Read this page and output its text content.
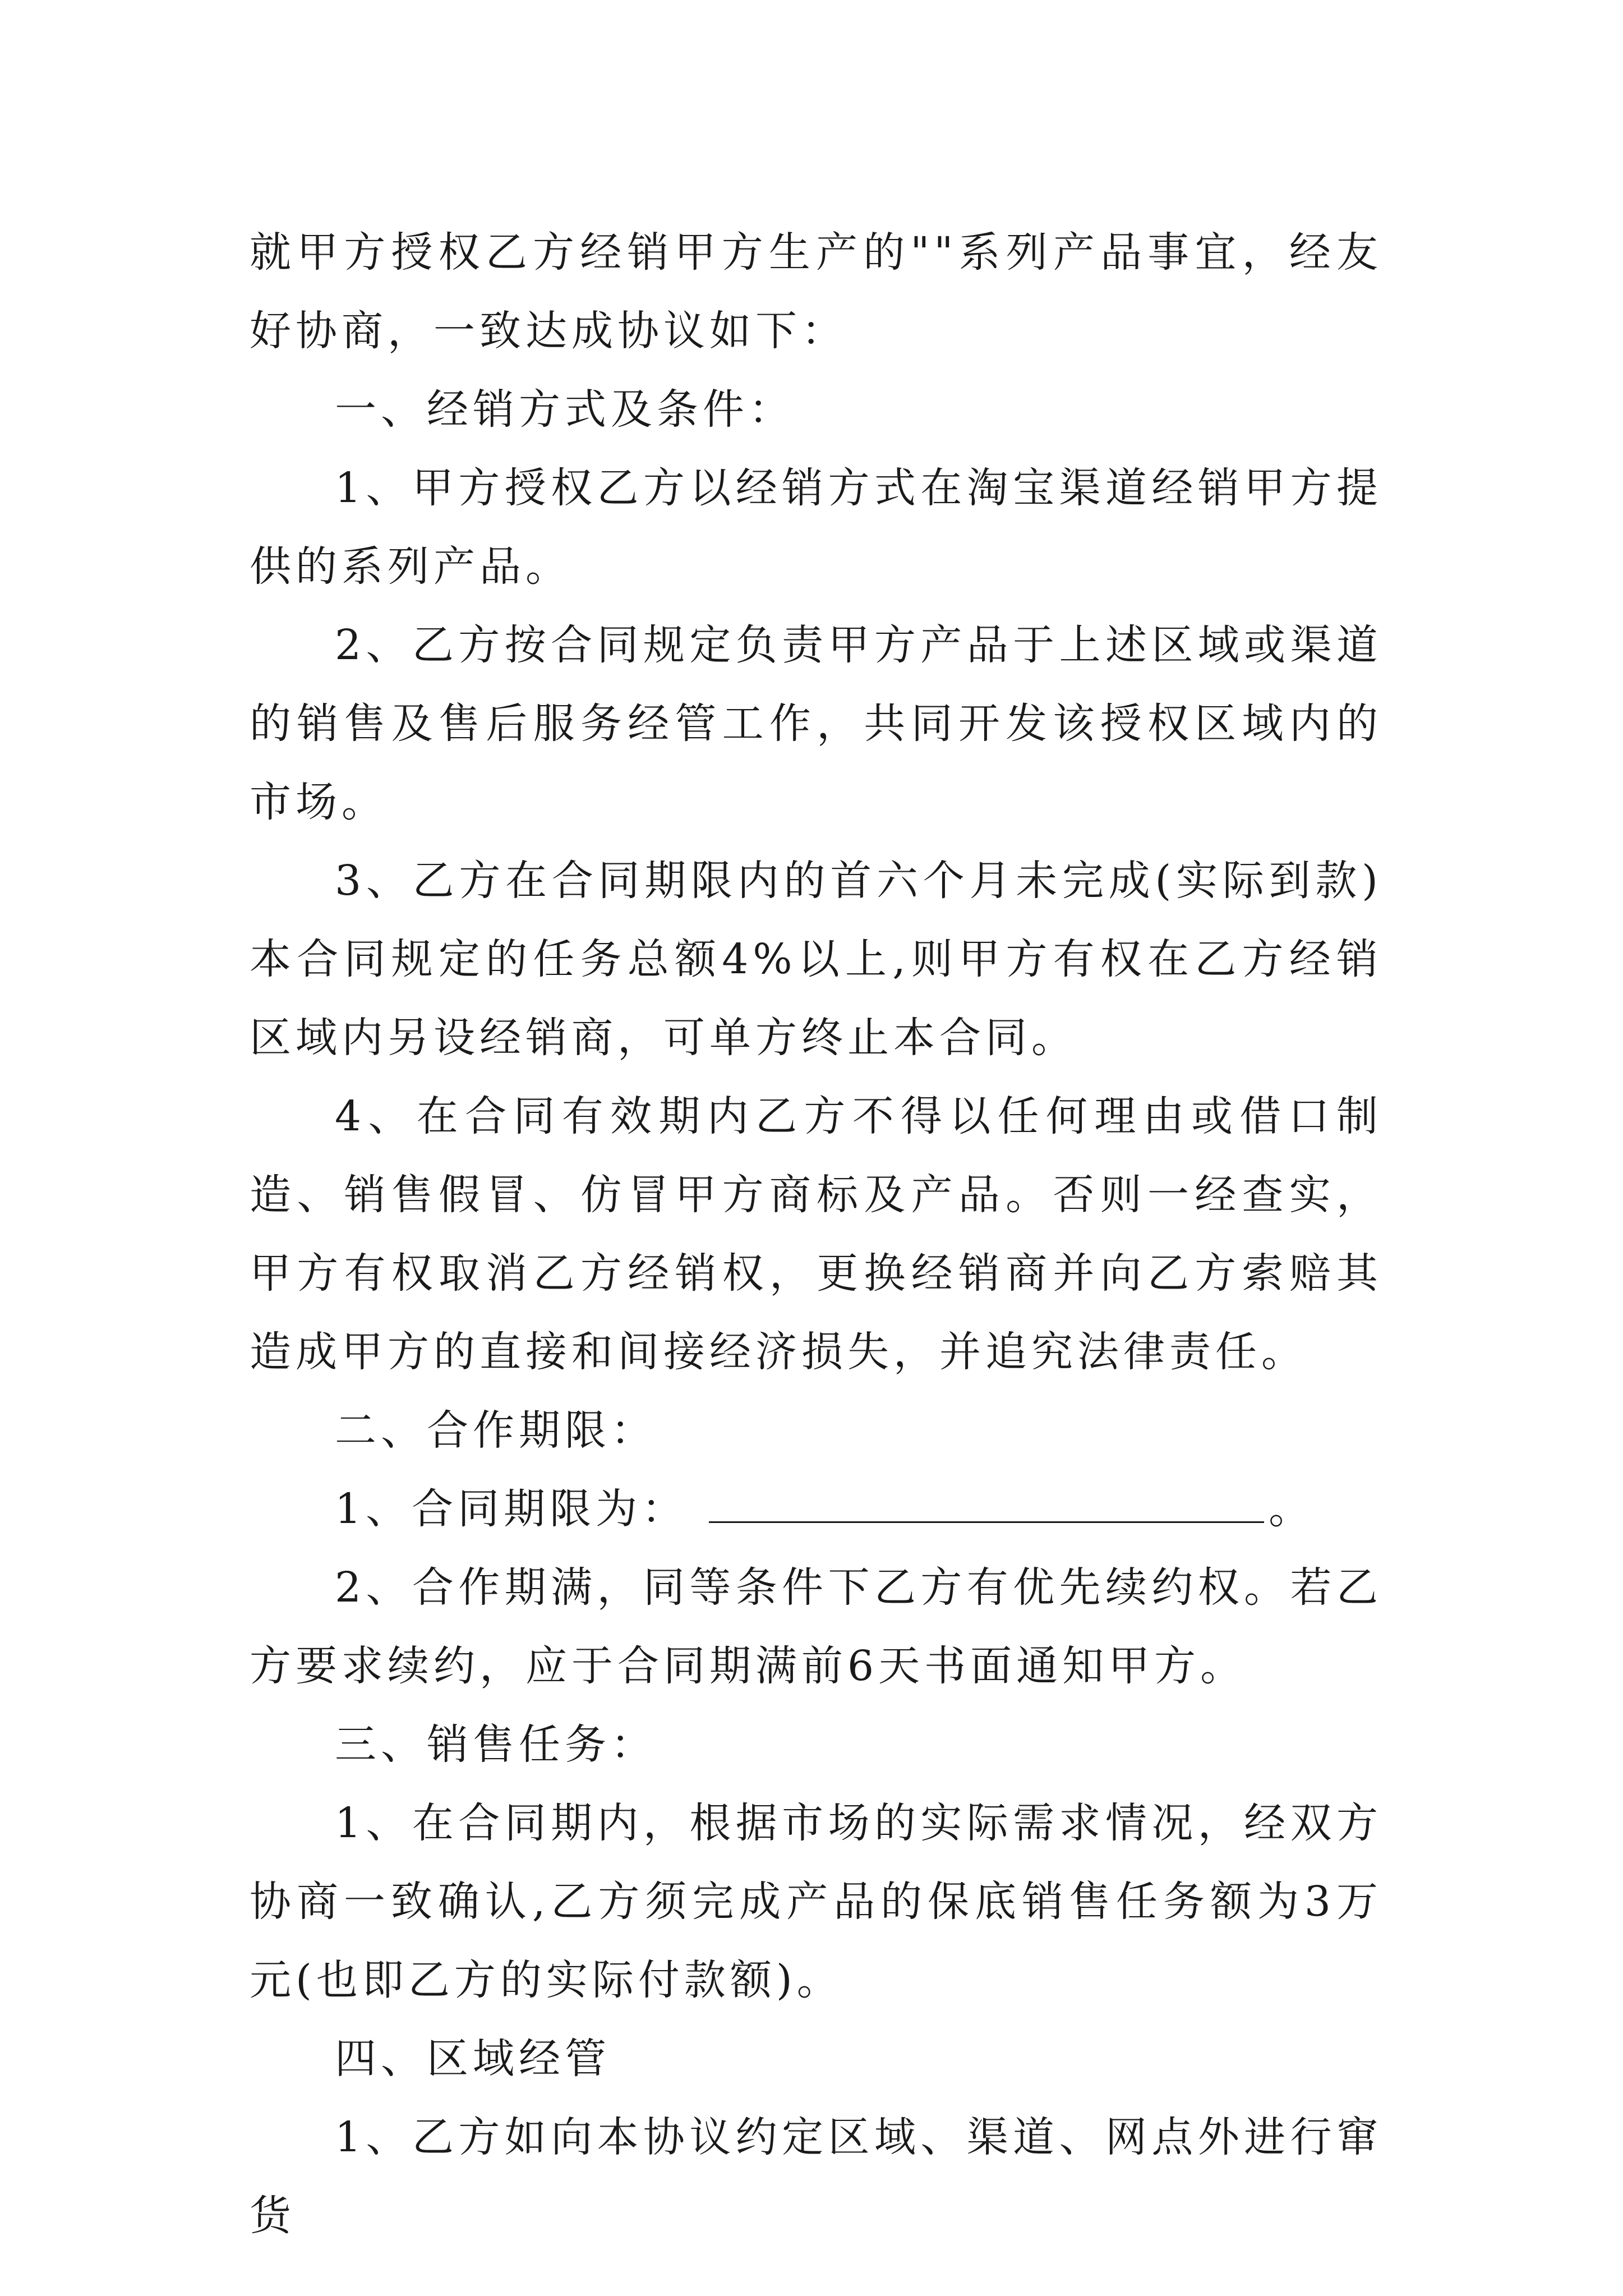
就甲方授权乙方经销甲方生产的""系列产品事宜，经友好协商，一致达成协议如下：

一、经销方式及条件：

1、甲方授权乙方以经销方式在淘宝渠道经销甲方提供的系列产品。

2、乙方按合同规定负责甲方产品于上述区域或渠道的销售及售后服务经管工作，共同开发该授权区域内的市场。

3、乙方在合同期限内的首六个月未完成(实际到款)本合同规定的任务总额4%以上,则甲方有权在乙方经销区域内另设经销商，可单方终止本合同。

4、在合同有效期内乙方不得以任何理由或借口制造、销售假冒、仿冒甲方商标及产品。否则一经查实，甲方有权取消乙方经销权，更换经销商并向乙方索赔其造成甲方的直接和间接经济损失，并追究法律责任。

二、合作期限：

1、合同期限为：	。

2、合作期满，同等条件下乙方有优先续约权。若乙方要求续约，应于合同期满前6天书面通知甲方。

三、销售任务：

1、在合同期内，根据市场的实际需求情况，经双方协商一致确认,乙方须完成产品的保底销售任务额为3万元(也即乙方的实际付款额)。

四、区域经管

1、乙方如向本协议约定区域、渠道、网点外进行窜货
